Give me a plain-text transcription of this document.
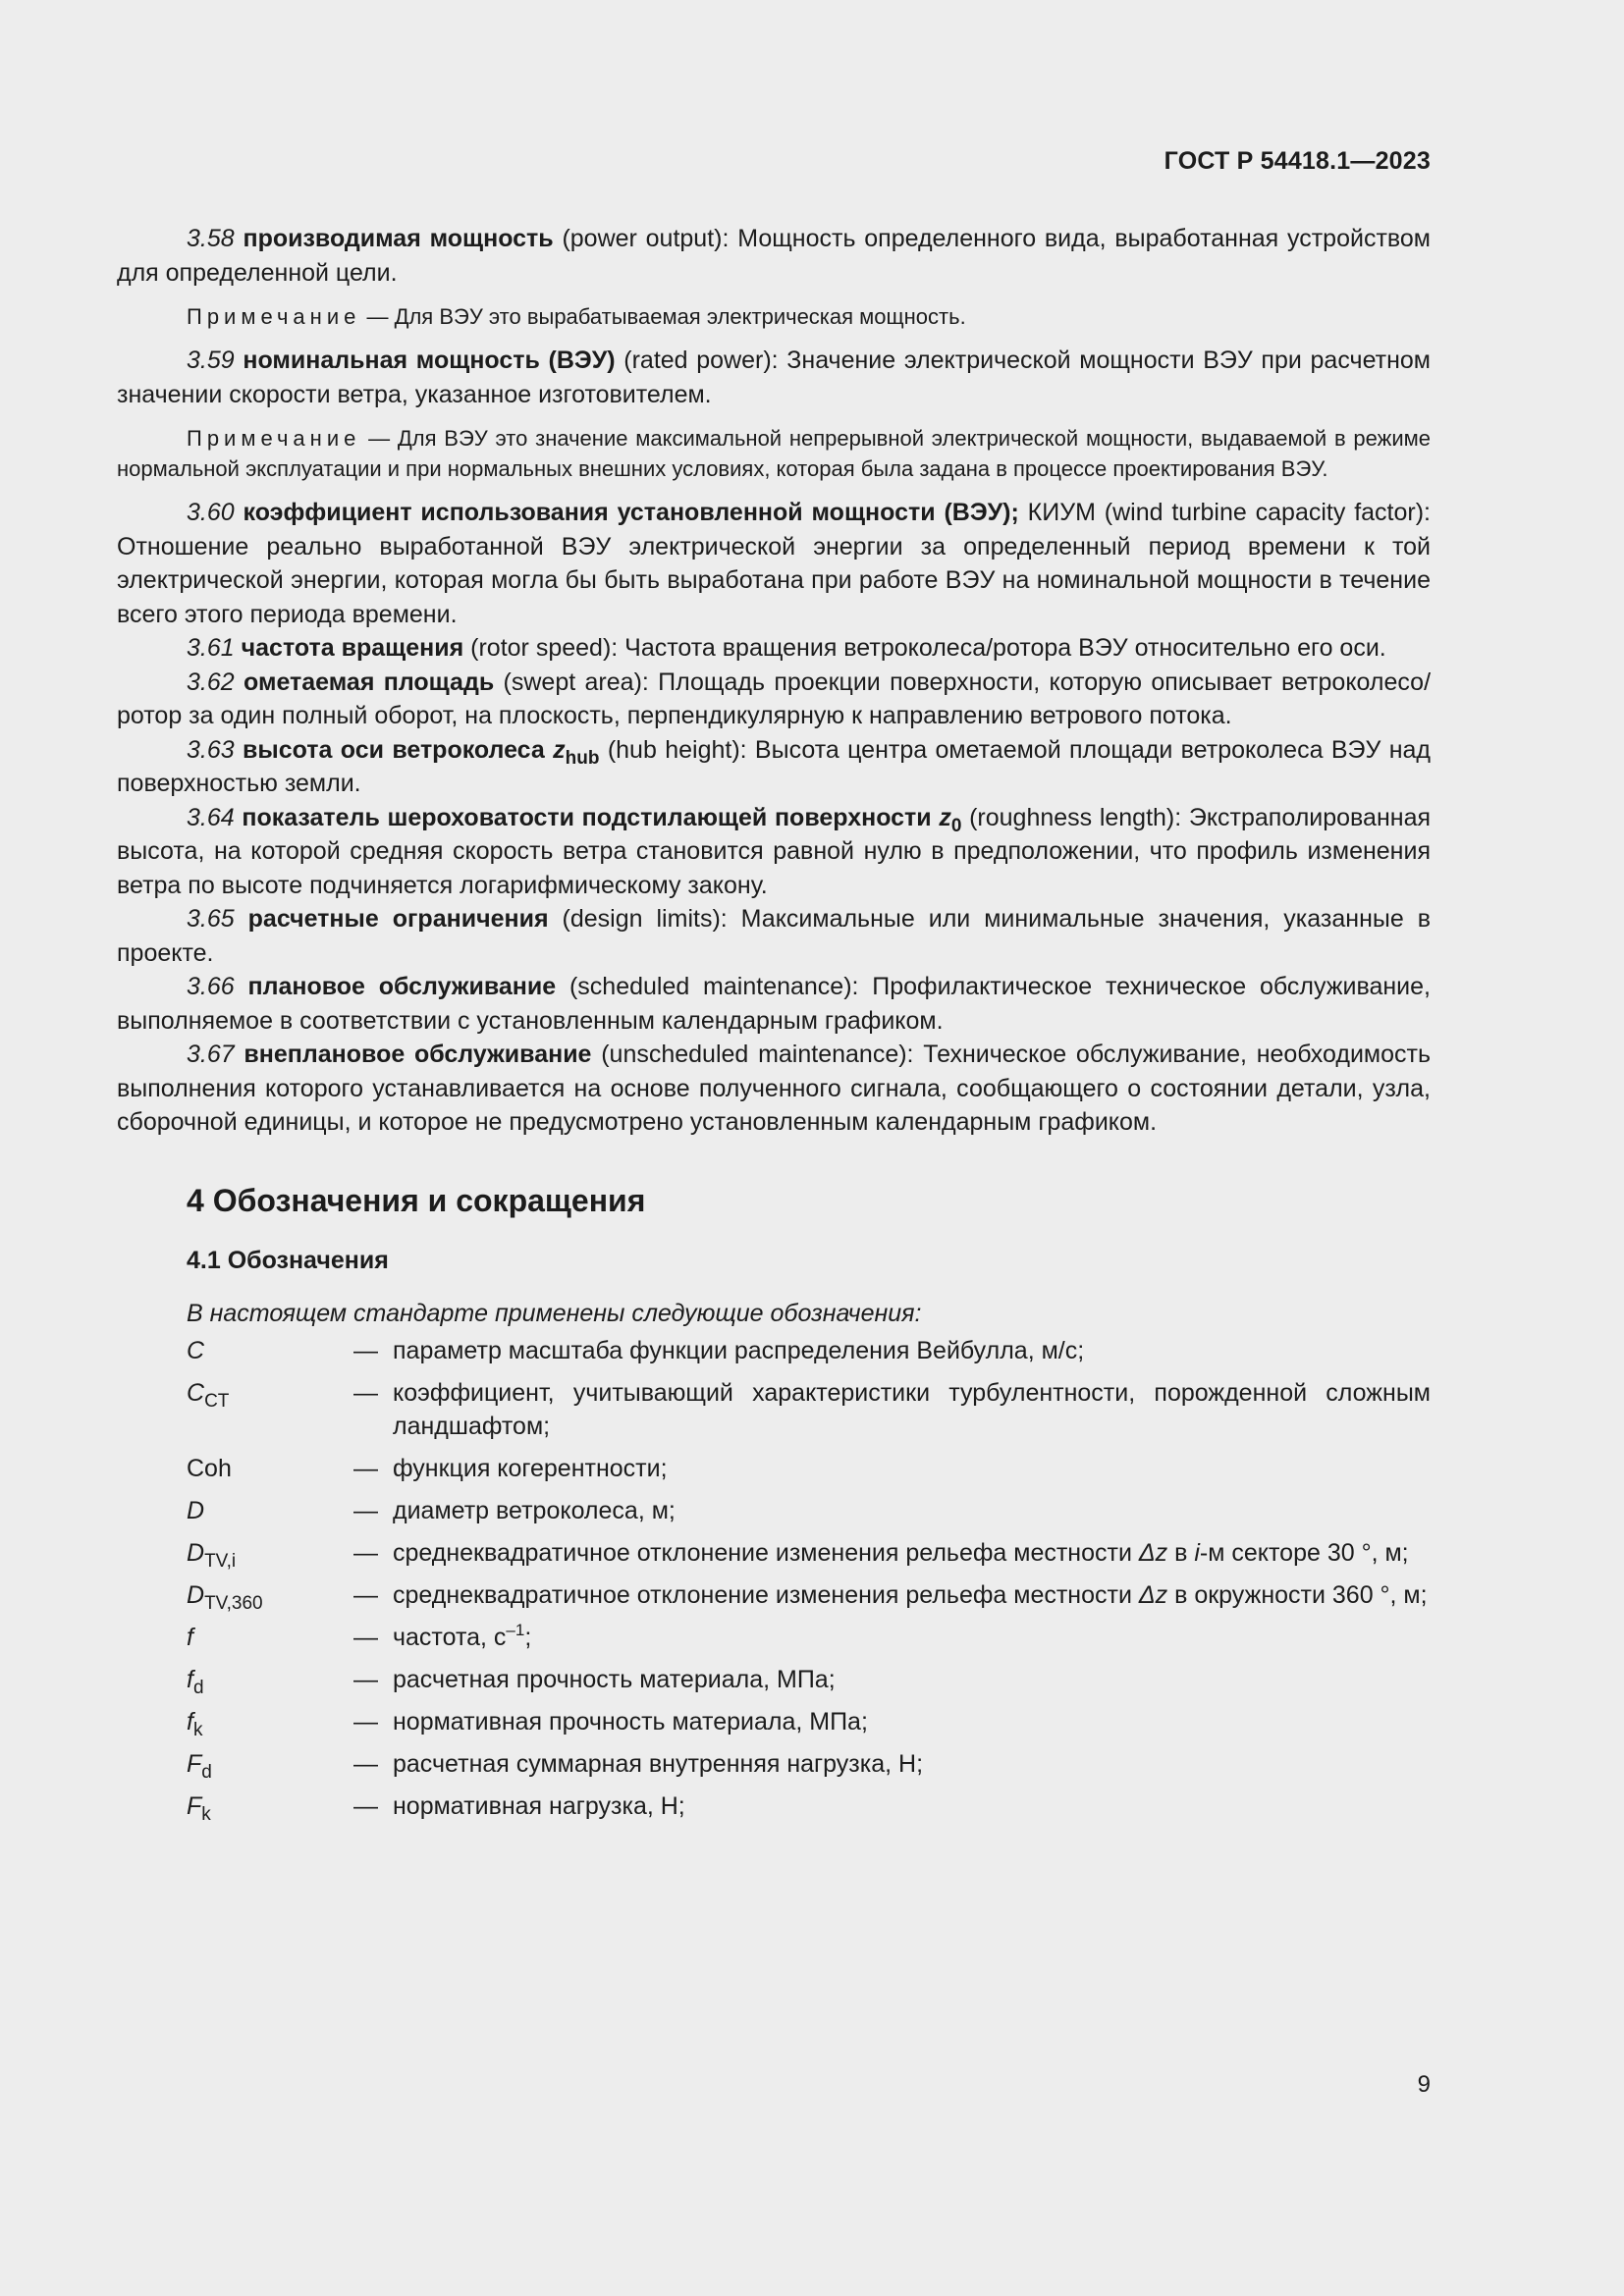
ГОСТ Р 54418.1—2023

3.58 производимая мощность (power output): Мощность определенного вида, выработанная устройством для определенной цели.

Примечание — Для ВЭУ это вырабатываемая электрическая мощность.

3.59 номинальная мощность (ВЭУ) (rated power): Значение электрической мощности ВЭУ при расчетном значении скорости ветра, указанное изготовителем.

Примечание — Для ВЭУ это значение максимальной непрерывной электрической мощности, выдаваемой в режиме нормальной эксплуатации и при нормальных внешних условиях, которая была задана в процессе проектирования ВЭУ.

3.60 коэффициент использования установленной мощности (ВЭУ); КИУМ (wind turbine capacity factor): Отношение реально выработанной ВЭУ электрической энергии за определенный период времени к той электрической энергии, которая могла бы быть выработана при работе ВЭУ на номинальной мощности в течение всего этого периода времени.

3.61 частота вращения (rotor speed): Частота вращения ветроколеса/ротора ВЭУ относительно его оси.

3.62 ометаемая площадь (swept area): Площадь проекции поверхности, которую описывает ветроколесо/ротор за один полный оборот, на плоскость, перпендикулярную к направлению ветрового потока.

3.63 высота оси ветроколеса $z_{hub}$ (hub height): Высота центра ометаемой площади ветроколеса ВЭУ над поверхностью земли.

3.64 показатель шероховатости подстилающей поверхности $z_0$ (roughness length): Экстраполированная высота, на которой средняя скорость ветра становится равной нулю в предположении, что профиль изменения ветра по высоте подчиняется логарифмическому закону.

3.65 расчетные ограничения (design limits): Максимальные или минимальные значения, указанные в проекте.

3.66 плановое обслуживание (scheduled maintenance): Профилактическое техническое обслуживание, выполняемое в соответствии с установленным календарным графиком.

3.67 внеплановое обслуживание (unscheduled maintenance): Техническое обслуживание, необходимость выполнения которого устанавливается на основе полученного сигнала, сообщающего о состоянии детали, узла, сборочной единицы, и которое не предусмотрено установленным календарным графиком.

4 Обозначения и сокращения
4.1 Обозначения
В настоящем стандарте применены следующие обозначения:
C	— параметр масштаба функции распределения Вейбулла, м/с;
$C_{CT}$	— коэффициент, учитывающий характеристики турбулентности, порожденной сложным ландшафтом;
Coh	— функция когерентности;
D	— диаметр ветроколеса, м;
$D_{TV,i}$	— среднеквадратичное отклонение изменения рельефа местности Δz в i-м секторе 30 °, м;
$D_{TV,360}$	— среднеквадратичное отклонение изменения рельефа местности Δz в окружности 360 °, м;
f	— частота, $с^{-1}$;
$f_d$	— расчетная прочность материала, МПа;
$f_k$	— нормативная прочность материала, МПа;
$F_d$	— расчетная суммарная внутренняя нагрузка, Н;
$F_k$	— нормативная нагрузка, Н;
9
